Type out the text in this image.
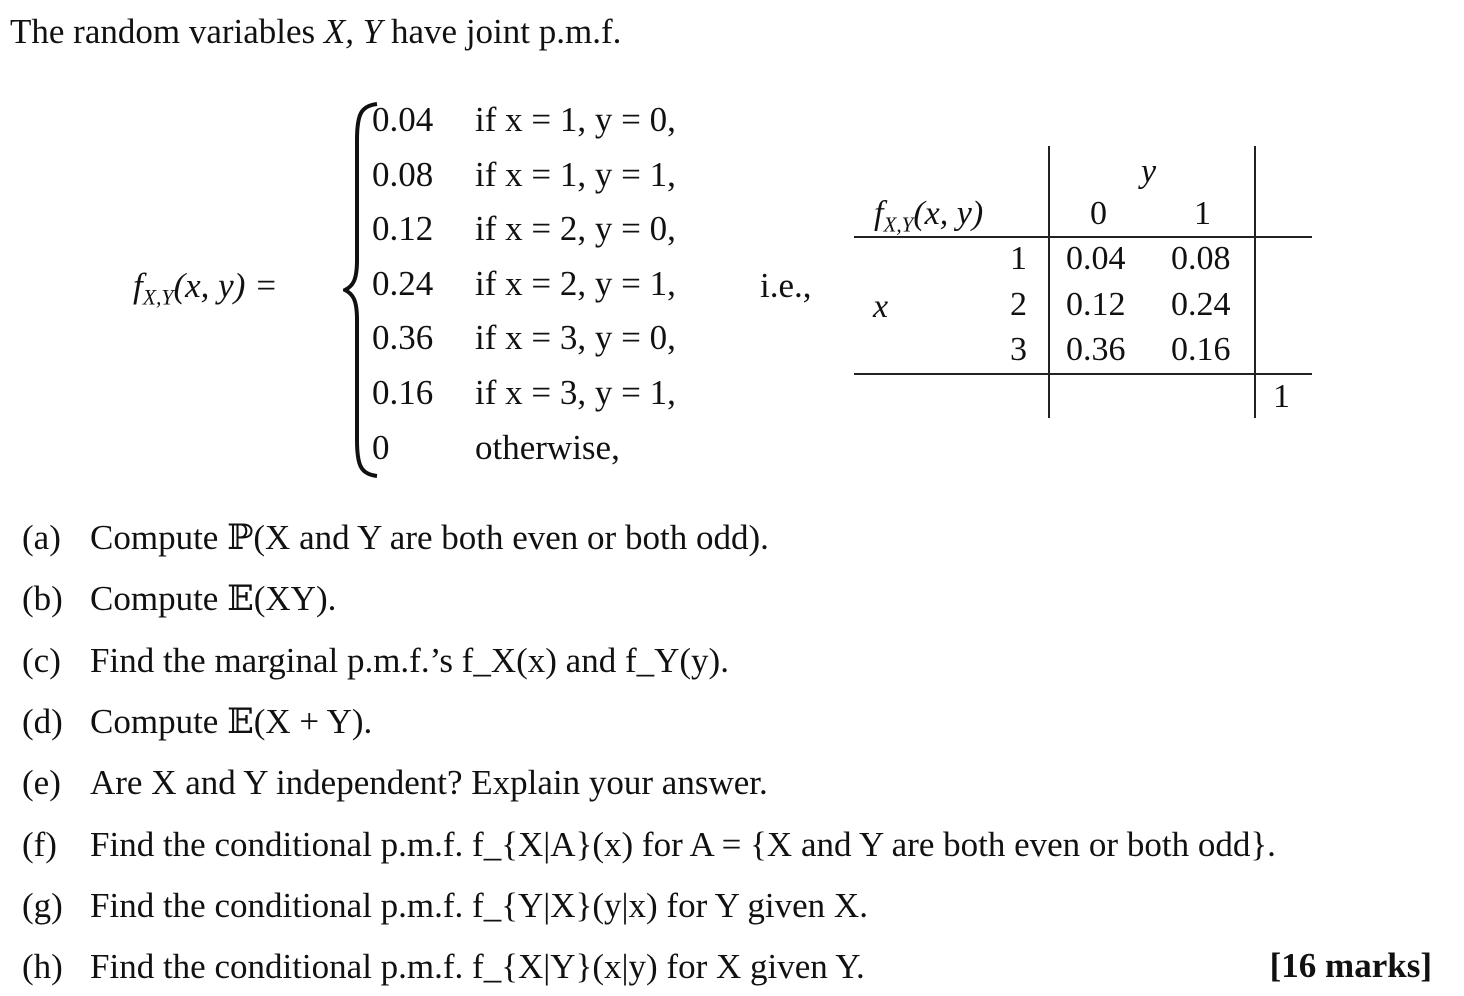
The random variables X, Y have joint p.m.f.
$f_{X,Y}(x$, y) =
0.04 if x = 1, y = 0,
0.08 if x = 1, y = 1,
0.12 if x = 2, y = 0,
0.24 if x = 2, y = 1,
0.36 if x = 3, y = 0,
0.16 if x = 3, y = 1,
0 otherwise,
i.e.,
$f_{X,Y}(x$, y)
y
x
0	1
1
2
3
0.04 0.08
0.12 0.24
0.36 0.16
1
(a) Compute ℙ(X and Y are both even or both odd).
(b) Compute 𝔼(XY).
(c) Find the marginal p.m.f.’s f_X(x) and f_Y(y).
(d) Compute 𝔼(X + Y).
(e) Are X and Y independent? Explain your answer.
(f) Find the conditional p.m.f. f_{X|A}(x) for A = {X and Y are both even or both odd}.
(g) Find the conditional p.m.f. f_{Y|X}(y|x) for Y given X.
(h) Find the conditional p.m.f. f_{X|Y}(x|y) for X given Y.	[16 marks]
